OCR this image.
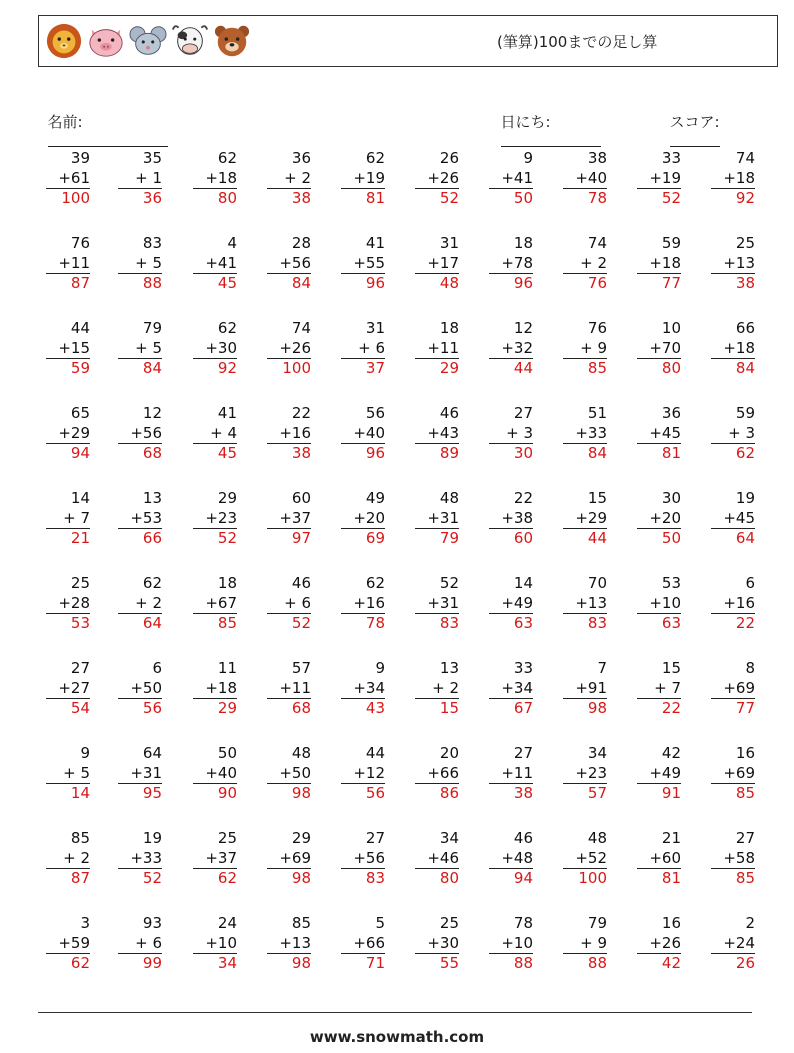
(筆算)100までの足し算

名前:
	日にち:
	スコア:

39
+61
100
35
+ 1
36
62
+18
80
36
+ 2
38
62
+19
81
26
+26
52
9
+41
50
38
+40
78
33
+19
52
74
+18
92
76
+11
87
83
+ 5
88
4
+41
45
28
+56
84
41
+55
96
31
+17
48
18
+78
96
74
+ 2
76
59
+18
77
25
+13
38
44
+15
59
79
+ 5
84
62
+30
92
74
+26
100
31
+ 6
37
18
+11
29
12
+32
44
76
+ 9
85
10
+70
80
66
+18
84
65
+29
94
12
+56
68
41
+ 4
45
22
+16
38
56
+40
96
46
+43
89
27
+ 3
30
51
+33
84
36
+45
81
59
+ 3
62
14
+ 7
21
13
+53
66
29
+23
52
60
+37
97
49
+20
69
48
+31
79
22
+38
60
15
+29
44
30
+20
50
19
+45
64
25
+28
53
62
+ 2
64
18
+67
85
46
+ 6
52
62
+16
78
52
+31
83
14
+49
63
70
+13
83
53
+10
63
6
+16
22
27
+27
54
6
+50
56
11
+18
29
57
+11
68
9
+34
43
13
+ 2
15
33
+34
67
7
+91
98
15
+ 7
22
8
+69
77
9
+ 5
14
64
+31
95
50
+40
90
48
+50
98
44
+12
56
20
+66
86
27
+11
38
34
+23
57
42
+49
91
16
+69
85
85
+ 2
87
19
+33
52
25
+37
62
29
+69
98
27
+56
83
34
+46
80
46
+48
94
48
+52
100
21
+60
81
27
+58
85
3
+59
62
93
+ 6
99
24
+10
34
85
+13
98
5
+66
71
25
+30
55
78
+10
88
79
+ 9
88
16
+26
42
2
+24
26
www.snowmath.com
